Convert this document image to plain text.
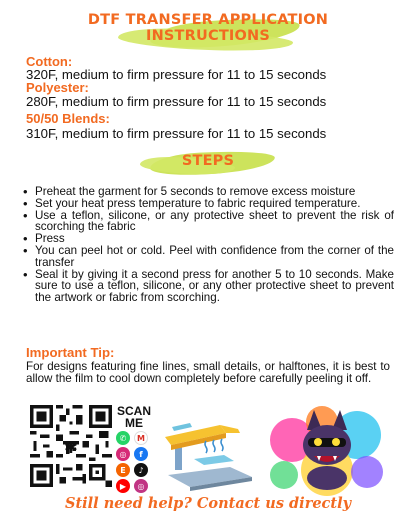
DTF TRANSFER APPLICATION
INSTRUCTIONS
Cotton:
320F, medium to firm pressure for 11 to 15 seconds
Polyester:
280F, medium to firm pressure for 11 to 15 seconds
50/50 Blends:
310F, medium to firm pressure for 11 to 15 seconds
STEPS
• Preheat the garment for 5 seconds to remove excess moisture
• Set your heat press temperature to fabric required temperature.
• Use a teflon, silicone, or any protective sheet to prevent the risk of scorching the fabric
• Press
• You can peel hot or cold. Peel with confidence from the corner of the transfer
• Seal it by giving it a second press for another 5 to 10 seconds. Make sure to use a teflon, silicone, or any other protective sheet to prevent the artwork or fabric from scorching.
Important Tip:
For designs featuring fine lines, small details, or halftones, it is best to allow the film to cool down completely before carefully peeling it off.
✱
SCAN
ME
✆	M
◎	f
E	♪
▶	◎
Still need help? Contact us directly
